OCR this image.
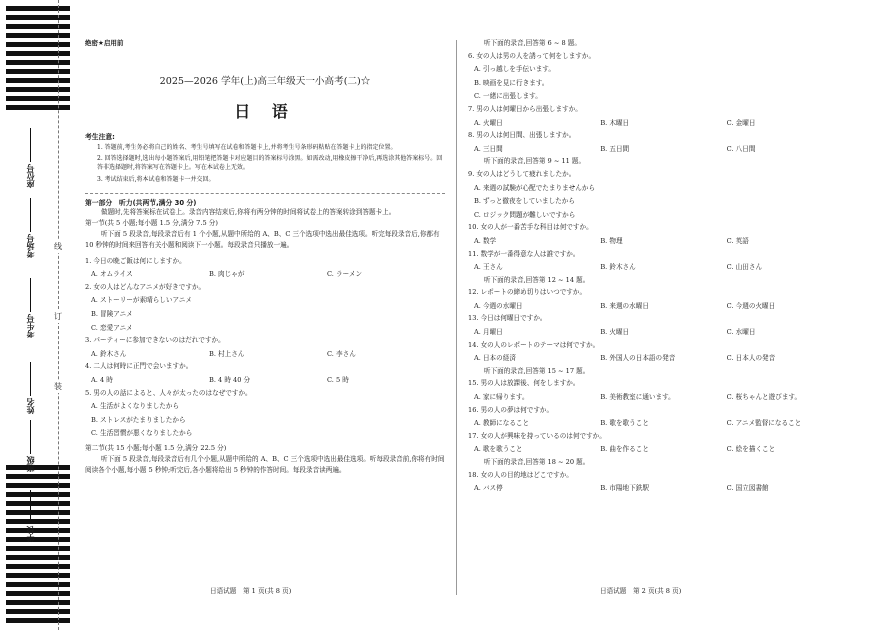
座位号
考场号
考生号
姓名
班级
学校
线
订
装
绝密★启用前
2025—2026 学年(上)高三年级天一小高考(二)☆
日 语
考生注意:
1. 答题前,考生务必将自己的姓名、考生号填写在试卷和答题卡上,并将考生号条形码粘贴在答题卡上的指定位置。
2. 回答选择题时,选出每小题答案后,用铅笔把答题卡对应题目的答案标号涂黑。如需改动,用橡皮擦干净后,再选涂其他答案标号。回答非选择题时,将答案写在答题卡上。写在本试卷上无效。
3. 考试结束后,将本试卷和答题卡一并交回。
第一部分　听力(共两节,满分 30 分)
做题时,先将答案标在试卷上。录音内容结束后,你将有两分钟的时间将试卷上的答案转涂到答题卡上。
第一节(共 5 小题;每小题 1.5 分,满分 7.5 分)
听下面 5 段录音,每段录音后有 1 个小题,从题中所给的 A、B、C 三个选项中选出最佳选项。听完每段录音后,你都有 10 秒钟的时间来回答有关小题和阅读下一小题。每段录音只播放一遍。
1. 今日の晩ご飯は何にしますか。
A. オムライス	B. 肉じゃが	C. ラーメン
2. 女の人はどんなアニメが好きですか。
A. ストーリーが素晴らしいアニメ
B. 冒険アニメ
C. 恋愛アニメ
3. パーティーに参加できないのはだれですか。
A. 鈴木さん	B. 村上さん	C. 李さん
4. 二人は何時に正門で会いますか。
A. 4 時	B. 4 時 40 分	C. 5 時
5. 男の人の話によると、人々が太ったのはなぜですか。
A. 生活がよくなりましたから
B. ストレスがたまりましたから
C. 生活習慣が悪くなりましたから
第二节(共 15 小题;每小题 1.5 分,满分 22.5 分)
听下面 5 段录音,每段录音后有几个小题,从题中所给的 A、B、C 三个选项中选出最佳选项。听每段录音前,你将有时间阅读各个小题,每小题 5 秒钟;听完后,各小题将给出 5 秒钟的作答时间。每段录音读两遍。
日语试题　第 1 页(共 8 页)
听下面的录音,回答第 6 ~ 8 题。
6. 女の人は男の人を誘って何をしますか。
A. 引っ越しを手伝います。
B. 映画を見に行きます。
C. 一緒に出張します。
7. 男の人は何曜日から出張しますか。
A. 火曜日	B. 木曜日	C. 金曜日
8. 男の人は何日間、出張しますか。
A. 三日間	B. 五日間	C. 八日間
听下面的录音,回答第 9 ~ 11 题。
9. 女の人はどうして疲れましたか。
A. 来週の試験が心配でたまりませんから
B. ずっと徹夜をしていましたから
C. ロジック問題が難しいですから
10. 女の人が一番苦手な科目は何ですか。
A. 数学	B. 物理	C. 英語
11. 数学が一番得意な人は誰ですか。
A. 王さん	B. 鈴木さん	C. 山田さん
听下面的录音,回答第 12 ~ 14 题。
12. レポートの締め切りはいつですか。
A. 今週の水曜日	B. 来週の水曜日	C. 今週の火曜日
13. 今日は何曜日ですか。
A. 月曜日	B. 火曜日	C. 水曜日
14. 女の人のレポートのテーマは何ですか。
A. 日本の経済	B. 外国人の日本語の発音	C. 日本人の発音
听下面的录音,回答第 15 ~ 17 题。
15. 男の人は放課後、何をしますか。
A. 家に帰ります。	B. 美術教室に通います。	C. 桜ちゃんと遊びます。
16. 男の人の夢は何ですか。
A. 教師になること	B. 歌を歌うこと	C. アニメ監督になること
17. 女の人が興味を持っているのは何ですか。
A. 歌を歌うこと	B. 曲を作ること	C. 絵を描くこと
听下面的录音,回答第 18 ~ 20 题。
18. 女の人の目的地はどこですか。
A. バス停	B. 市陽地下鉄駅	C. 国立図書館
日语试题　第 2 页(共 8 页)
